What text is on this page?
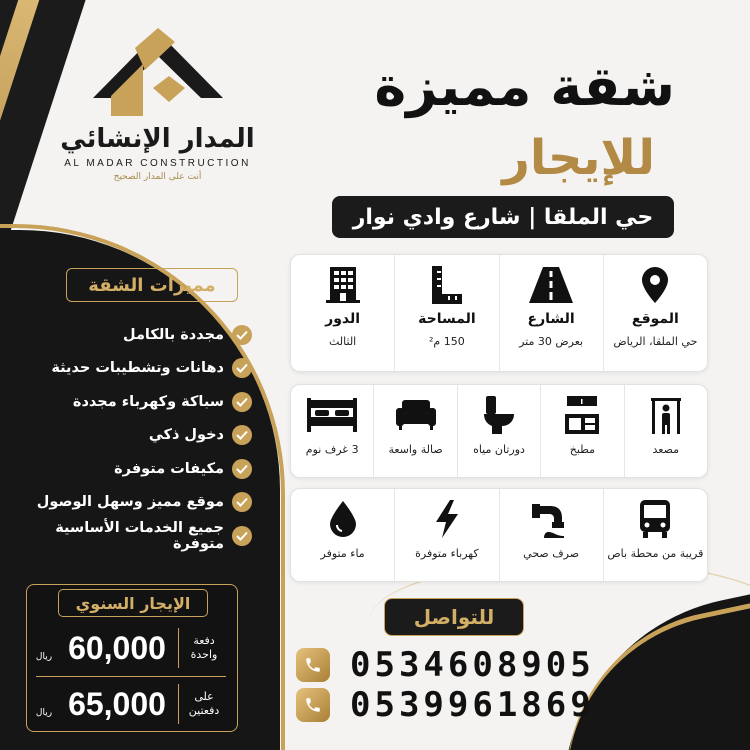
المدار الإنشائي
AL MADAR CONSTRUCTION
أنت على المدار الصحيح
شقة مميزة
للإيجار
حي الملقا | شارع وادي نوار
الموقع
حي الملقا، الرياض
الشارع
بعرض 30 متر
المساحة
150 م²
الدور
الثالث
مصعد
مطبخ
دورتان مياه
صالة واسعة
3 غرف نوم
قريبة من محطة باص
صرف صحي
كهرباء متوفرة
ماء متوفر
مميزات الشقة
مجددة بالكامل
دهانات وتشطيبات حديثة
سباكة وكهرباء مجددة
دخول ذكي
مكيفات متوفرة
موقع مميز وسهل الوصول
جميع الخدمات الأساسية متوفرة
الإيجار السنوي
ريال 60,000	دفعة واحدة
ريال 65,000	على دفعتين
للتواصل
0534608905
0539961869
